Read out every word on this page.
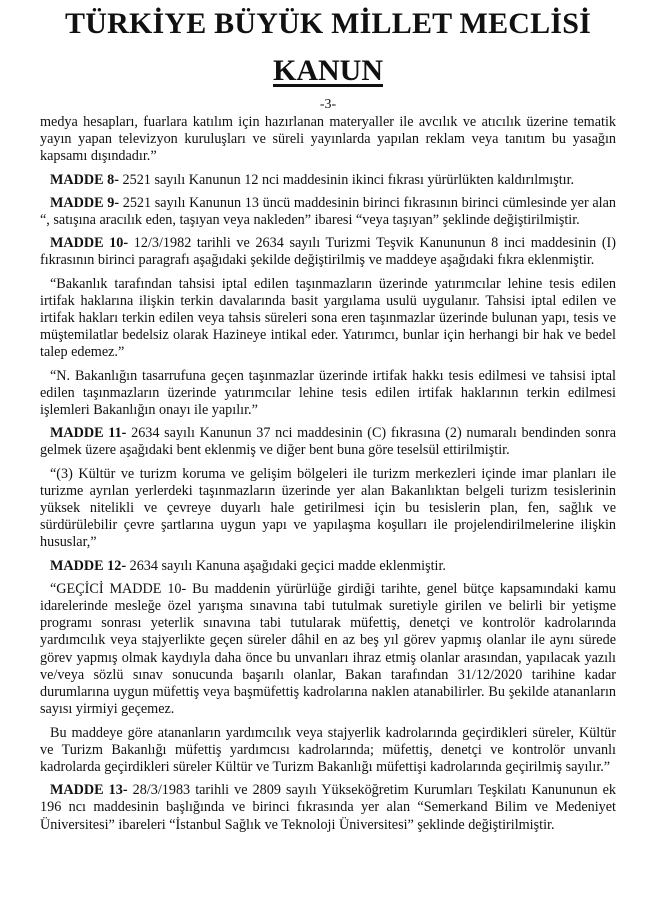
TÜRKİYE BÜYÜK MİLLET MECLİSİ
KANUN
-3-

medya hesapları, fuarlara katılım için hazırlanan materyaller ile avcılık ve atıcılık üzerine tematik yayın yapan televizyon kuruluşları ve süreli yayınlarda yapılan reklam veya tanıtım bu yasağın kapsamı dışındadır.”

MADDE 8- 2521 sayılı Kanunun 12 nci maddesinin ikinci fıkrası yürürlükten kaldırılmıştır.

MADDE 9- 2521 sayılı Kanunun 13 üncü maddesinin birinci fıkrasının birinci cümlesinde yer alan “, satışına aracılık eden, taşıyan veya nakleden” ibaresi “veya taşıyan” şeklinde değiştirilmiştir.

MADDE 10- 12/3/1982 tarihli ve 2634 sayılı Turizmi Teşvik Kanununun 8 inci maddesinin (I) fıkrasının birinci paragrafı aşağıdaki şekilde değiştirilmiş ve maddeye aşağıdaki fıkra eklenmiştir.

“Bakanlık tarafından tahsisi iptal edilen taşınmazların üzerinde yatırımcılar lehine tesis edilen irtifak haklarına ilişkin terkin davalarında basit yargılama usulü uygulanır. Tahsisi iptal edilen ve irtifak hakları terkin edilen veya tahsis süreleri sona eren taşınmazlar üzerinde bulunan yapı, tesis ve müştemilatlar bedelsiz olarak Hazineye intikal eder. Yatırımcı, bunlar için herhangi bir hak ve bedel talep edemez.”

“N. Bakanlığın tasarrufuna geçen taşınmazlar üzerinde irtifak hakkı tesis edilmesi ve tahsisi iptal edilen taşınmazların üzerinde yatırımcılar lehine tesis edilen irtifak haklarının terkin edilmesi işlemleri Bakanlığın onayı ile yapılır.”

MADDE 11- 2634 sayılı Kanunun 37 nci maddesinin (C) fıkrasına (2) numaralı bendinden sonra gelmek üzere aşağıdaki bent eklenmiş ve diğer bent buna göre teselsül ettirilmiştir.

“(3) Kültür ve turizm koruma ve gelişim bölgeleri ile turizm merkezleri içinde imar planları ile turizme ayrılan yerlerdeki taşınmazların üzerinde yer alan Bakanlıktan belgeli turizm tesislerinin yüksek nitelikli ve çevreye duyarlı hale getirilmesi için bu tesislerin plan, fen, sağlık ve sürdürülebilir çevre şartlarına uygun yapı ve yapılaşma koşulları ile projelendirilmelerine ilişkin hususlar,”

MADDE 12- 2634 sayılı Kanuna aşağıdaki geçici madde eklenmiştir.

“GEÇİCİ MADDE 10- Bu maddenin yürürlüğe girdiği tarihte, genel bütçe kapsamındaki kamu idarelerinde mesleğe özel yarışma sınavına tabi tutulmak suretiyle girilen ve belirli bir yetişme programı sonrası yeterlik sınavına tabi tutularak müfettiş, denetçi ve kontrolör kadrolarında yardımcılık veya stajyerlikte geçen süreler dâhil en az beş yıl görev yapmış olanlar ile aynı sürede görev yapmış olmak kaydıyla daha önce bu unvanları ihraz etmiş olanlar arasından, yapılacak yazılı ve/veya sözlü sınav sonucunda başarılı olanlar, Bakan tarafından 31/12/2020 tarihine kadar durumlarına uygun müfettiş veya başmüfettiş kadrolarına naklen atanabilirler. Bu şekilde atananların sayısı yirmiyi geçemez.

Bu maddeye göre atananların yardımcılık veya stajyerlik kadrolarında geçirdikleri süreler, Kültür ve Turizm Bakanlığı müfettiş yardımcısı kadrolarında; müfettiş, denetçi ve kontrolör unvanlı kadrolarda geçirdikleri süreler Kültür ve Turizm Bakanlığı müfettişi kadrolarında geçirilmiş sayılır.”

MADDE 13- 28/3/1983 tarihli ve 2809 sayılı Yükseköğretim Kurumları Teşkilatı Kanununun ek 196 ncı maddesinin başlığında ve birinci fıkrasında yer alan “Semerkand Bilim ve Medeniyet Üniversitesi” ibareleri “İstanbul Sağlık ve Teknoloji Üniversitesi” şeklinde değiştirilmiştir.
